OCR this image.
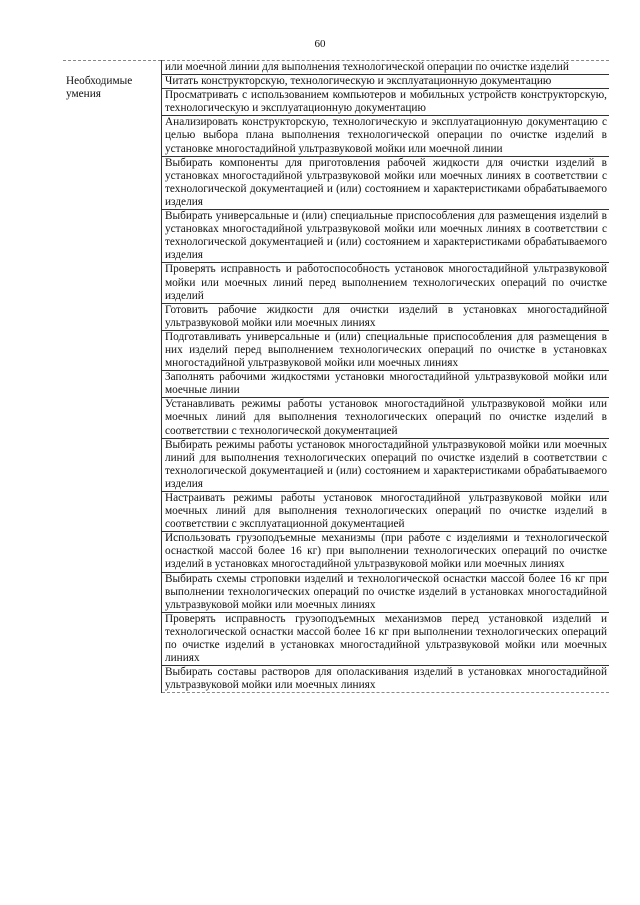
60
	или моечной линии для выполнения технологической операции по очистке изделий
Необходимые умения	Читать конструкторскую, технологическую и эксплуатационную документацию
	Просматривать с использованием компьютеров и мобильных устройств конструкторскую, технологическую и эксплуатационную документацию
	Анализировать конструкторскую, технологическую и эксплуатационную документацию с целью выбора плана выполнения технологической операции по очистке изделий в установке многостадийной ультразвуковой мойки или моечной линии
	Выбирать компоненты для приготовления рабочей жидкости для очистки изделий в установках многостадийной ультразвуковой мойки или моечных линиях в соответствии с технологической документацией и (или) состоянием и характеристиками обрабатываемого изделия
	Выбирать универсальные и (или) специальные приспособления для размещения изделий в установках многостадийной ультразвуковой мойки или моечных линиях в соответствии с технологической документацией и (или) состоянием и характеристиками обрабатываемого изделия
	Проверять исправность и работоспособность установок многостадийной ультразвуковой мойки или моечных линий перед выполнением технологических операций по очистке изделий
	Готовить рабочие жидкости для очистки изделий в установках многостадийной ультразвуковой мойки или моечных линиях
	Подготавливать универсальные и (или) специальные приспособления для размещения в них изделий перед выполнением технологических операций по очистке в установках многостадийной ультразвуковой мойки или моечных линиях
	Заполнять рабочими жидкостями установки многостадийной ультразвуковой мойки или моечные линии
	Устанавливать режимы работы установок многостадийной ультразвуковой мойки или моечных линий для выполнения технологических операций по очистке изделий в соответствии с технологической документацией
	Выбирать режимы работы установок многостадийной ультразвуковой мойки или моечных линий для выполнения технологических операций по очистке изделий в соответствии с технологической документацией и (или) состоянием и характеристиками обрабатываемого изделия
	Настраивать режимы работы установок многостадийной ультразвуковой мойки или моечных линий для выполнения технологических операций по очистке изделий в соответствии с эксплуатационной документацией
	Использовать грузоподъемные механизмы (при работе с изделиями и технологической оснасткой массой более 16 кг) при выполнении технологических операций по очистке изделий в установках многостадийной ультразвуковой мойки или моечных линиях
	Выбирать схемы строповки изделий и технологической оснастки массой более 16 кг при выполнении технологических операций по очистке изделий в установках многостадийной ультразвуковой мойки или моечных линиях
	Проверять исправность грузоподъемных механизмов перед установкой изделий и технологической оснастки массой более 16 кг при выполнении технологических операций по очистке изделий в установках многостадийной ультразвуковой мойки или моечных линиях
	Выбирать составы растворов для ополаскивания изделий в установках многостадийной ультразвуковой мойки или моечных линиях
